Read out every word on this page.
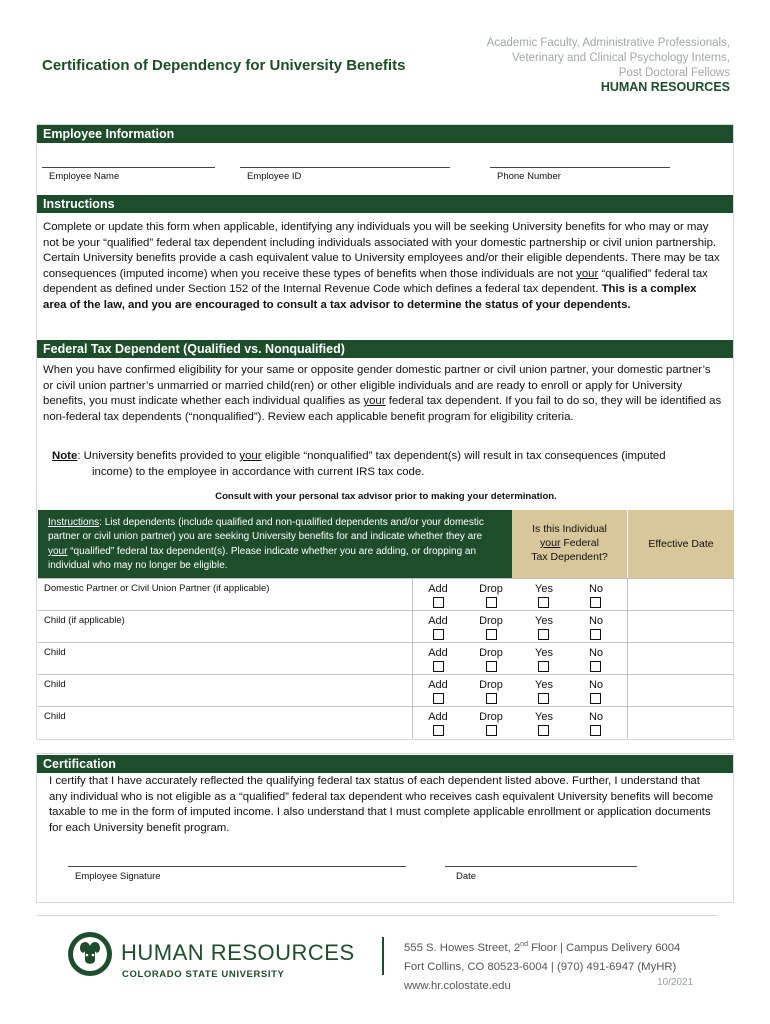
Certification of Dependency for University Benefits
Academic Faculty, Administrative Professionals,
Veterinary and Clinical Psychology Interns,
Post Doctoral Fellows
HUMAN RESOURCES
Employee Information
Employee Name	Employee ID	Phone Number
Instructions
Complete or update this form when applicable, identifying any individuals you will be seeking University benefits for who may or may not be your “qualified” federal tax dependent including individuals associated with your domestic partnership or civil union partnership. Certain University benefits provide a cash equivalent value to University employees and/or their eligible dependents. There may be tax consequences (imputed income) when you receive these types of benefits when those individuals are not your “qualified” federal tax dependent as defined under Section 152 of the Internal Revenue Code which defines a federal tax dependent. This is a complex area of the law, and you are encouraged to consult a tax advisor to determine the status of your dependents.
Federal Tax Dependent (Qualified vs. Nonqualified)
When you have confirmed eligibility for your same or opposite gender domestic partner or civil union partner, your domestic partner’s or civil union partner’s unmarried or married child(ren) or other eligible individuals and are ready to enroll or apply for University benefits, you must indicate whether each individual qualifies as your federal tax dependent. If you fail to do so, they will be identified as non-federal tax dependents (“nonqualified”). Review each applicable benefit program for eligibility criteria.
Note: University benefits provided to your eligible “nonqualified” tax dependent(s) will result in tax consequences (imputed income) to the employee in accordance with current IRS tax code.
Consult with your personal tax advisor prior to making your determination.
Instructions: List dependents (include qualified and non-qualified dependents and/or your domestic partner or civil union partner) you are seeking University benefits for and indicate whether they are your “qualified” federal tax dependent(s). Please indicate whether you are adding, or dropping an individual who may no longer be eligible.
Is this Individual
your Federal
Tax Dependent?
Effective Date
Domestic Partner or Civil Union Partner (if applicable)	Add	Drop	Yes	No
Child (if applicable)	Add	Drop	Yes	No
Child	Add	Drop	Yes	No
Child	Add	Drop	Yes	No
Child	Add	Drop	Yes	No
Certification
I certify that I have accurately reflected the qualifying federal tax status of each dependent listed above. Further, I understand that any individual who is not eligible as a “qualified” federal tax dependent who receives cash equivalent University benefits will become taxable to me in the form of imputed income. I also understand that I must complete applicable enrollment or application documents for each University benefit program.
Employee Signature	Date
HUMAN RESOURCES
COLORADO STATE UNIVERSITY
555 S. Howes Street, 2nd Floor | Campus Delivery 6004
Fort Collins, CO 80523-6004 | (970) 491-6947 (MyHR)
www.hr.colostate.edu	10/2021
